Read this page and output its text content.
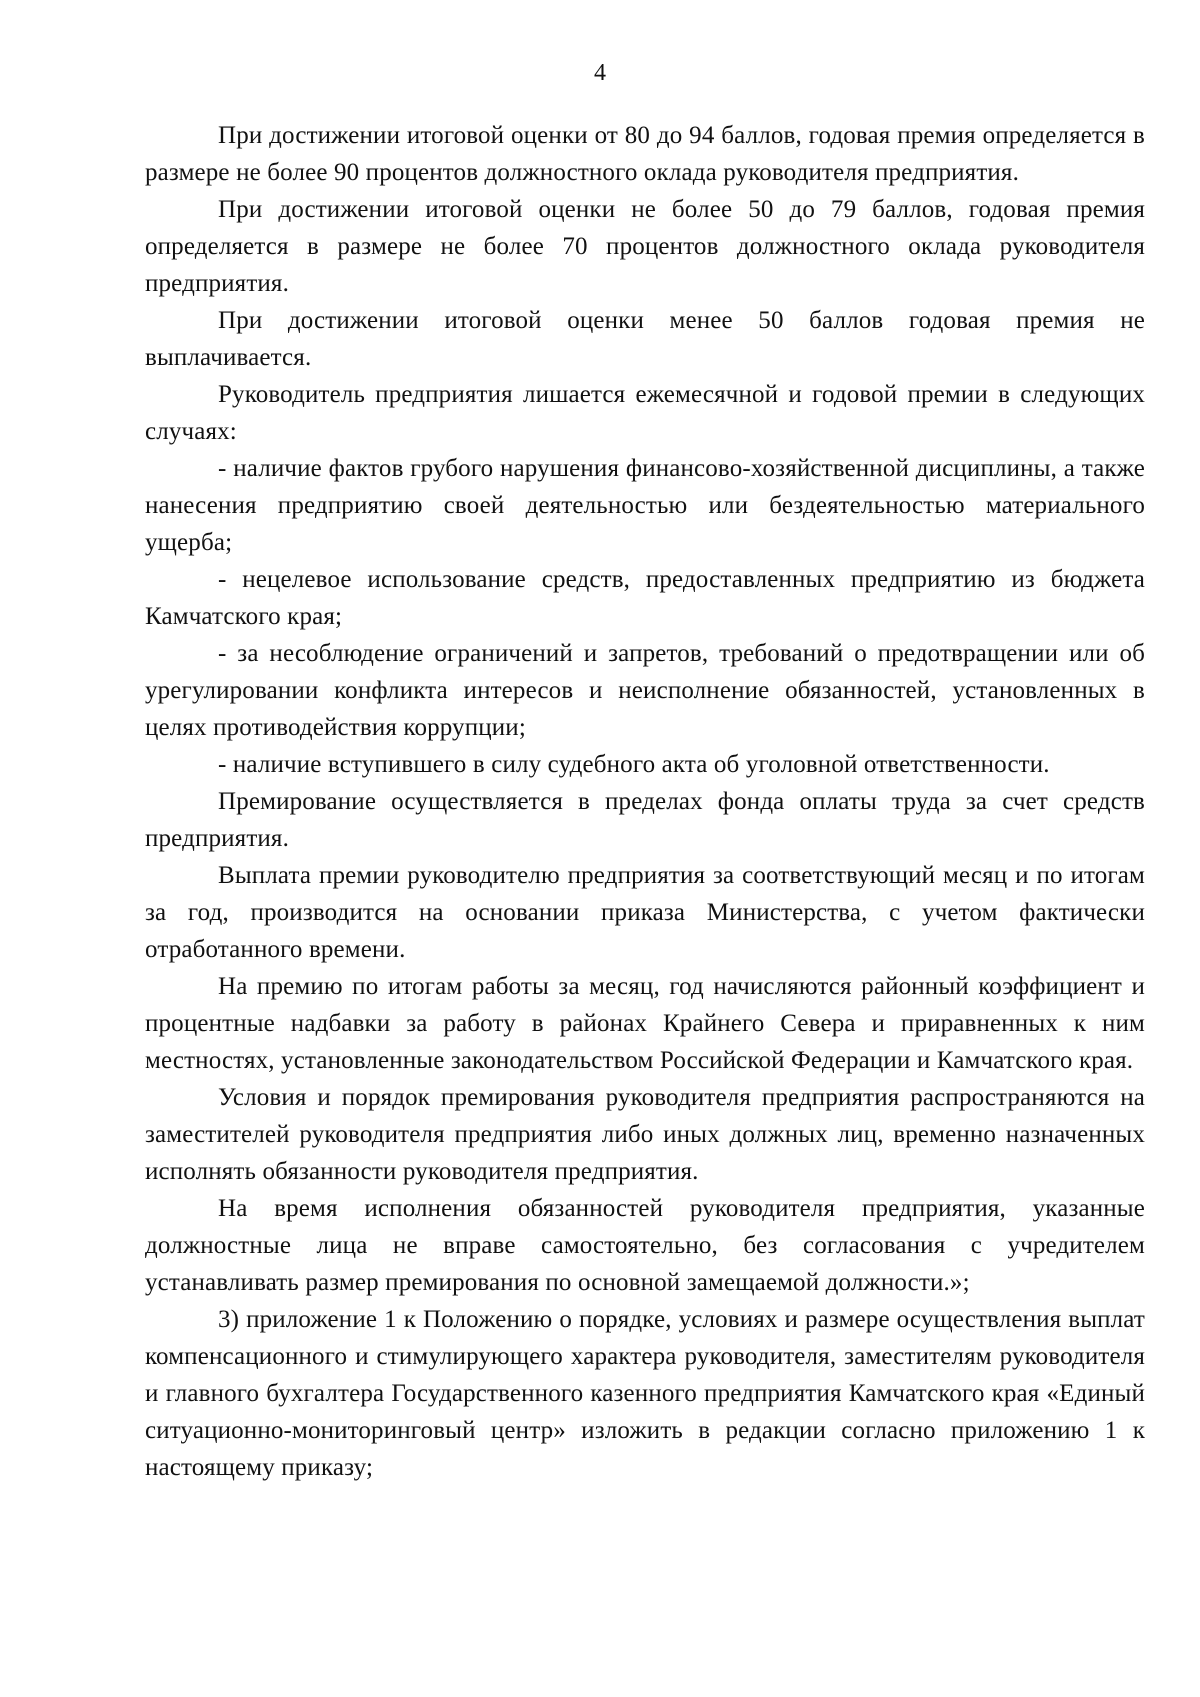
4

При достижении итоговой оценки от 80 до 94 баллов, годовая премия определяется в размере не более 90 процентов должностного оклада руководителя предприятия.

При достижении итоговой оценки не более 50 до 79 баллов, годовая премия определяется в размере не более 70 процентов должностного оклада руководителя предприятия.

При достижении итоговой оценки менее 50 баллов годовая премия не выплачивается.

Руководитель предприятия лишается ежемесячной и годовой премии в следующих случаях:

- наличие фактов грубого нарушения финансово-хозяйственной дисциплины, а также нанесения предприятию своей деятельностью или бездеятельностью материального ущерба;

- нецелевое использование средств, предоставленных предприятию из бюджета Камчатского края;

- за несоблюдение ограничений и запретов, требований о предотвращении или об урегулировании конфликта интересов и неисполнение обязанностей, установленных в целях противодействия коррупции;

- наличие вступившего в силу судебного акта об уголовной ответственности.

Премирование осуществляется в пределах фонда оплаты труда за счет средств предприятия.

Выплата премии руководителю предприятия за соответствующий месяц и по итогам за год, производится на основании приказа Министерства, с учетом фактически отработанного времени.

На премию по итогам работы за месяц, год начисляются районный коэффициент и процентные надбавки за работу в районах Крайнего Севера и приравненных к ним местностях, установленные законодательством Российской Федерации и Камчатского края.

Условия и порядок премирования руководителя предприятия распространяются на заместителей руководителя предприятия либо иных должных лиц, временно назначенных исполнять обязанности руководителя предприятия.

На время исполнения обязанностей руководителя предприятия, указанные должностные лица не вправе самостоятельно, без согласования с учредителем устанавливать размер премирования по основной замещаемой должности.»;

3) приложение 1 к Положению о порядке, условиях и размере осуществления выплат компенсационного и стимулирующего характера руководителя, заместителям руководителя и главного бухгалтера Государственного казенного предприятия Камчатского края «Единый ситуационно-мониторинговый центр» изложить в редакции согласно приложению 1 к настоящему приказу;
